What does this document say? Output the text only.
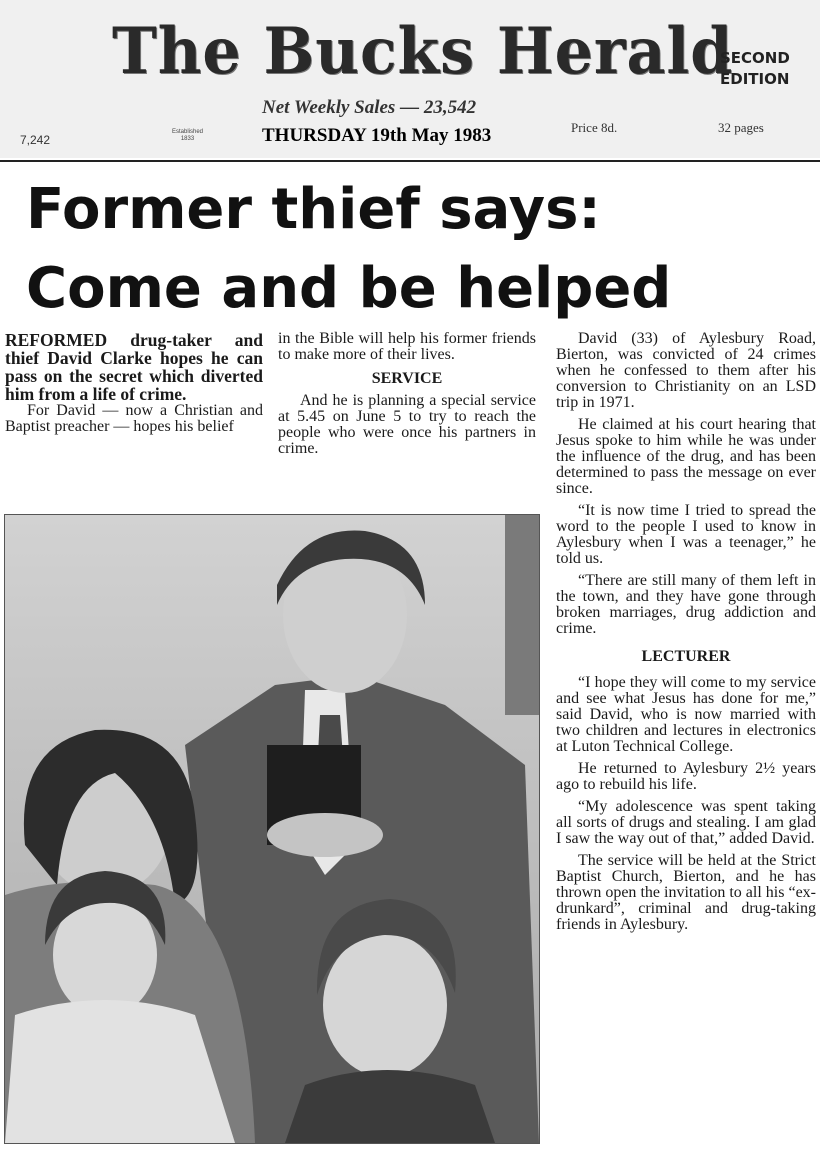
The Bucks Herald
SECOND
EDITION
Net Weekly Sales — 23,542
THURSDAY 19th May 1983	Price 8d.	32 pages
7,242
Established
1833
Former thief says:
Come and be helped

REFORMED drug-taker and thief David Clarke hopes he can pass on the secret which diverted him from a life of crime.

For David — now a Christian and Baptist preacher — hopes his belief

in the Bible will help his former friends to make more of their lives.

SERVICE

And he is planning a special service at 5.45 on June 5 to try to reach the people who were once his partners in crime.

David (33) of Aylesbury Road, Bierton, was convicted of 24 crimes when he confessed to them after his conversion to Christianity on an LSD trip in 1971.

He claimed at his court hearing that Jesus spoke to him while he was under the influence of the drug, and has been determined to pass the message on ever since.

“It is now time I tried to spread the word to the people I used to know in Aylesbury when I was a teenager,” he told us.

“There are still many of them left in the town, and they have gone through broken marriages, drug addiction and crime.

LECTURER

“I hope they will come to my service and see what Jesus has done for me,” said David, who is now married with two children and lectures in electronics at Luton Technical College.

He returned to Aylesbury 2½ years ago to rebuild his life.

“My adolescence was spent taking all sorts of drugs and stealing. I am glad I saw the way out of that,” added David.

The service will be held at the Strict Baptist Church, Bierton, and he has thrown open the invitation to all his “ex-drunkard”, criminal and drug-taking friends in Aylesbury.
